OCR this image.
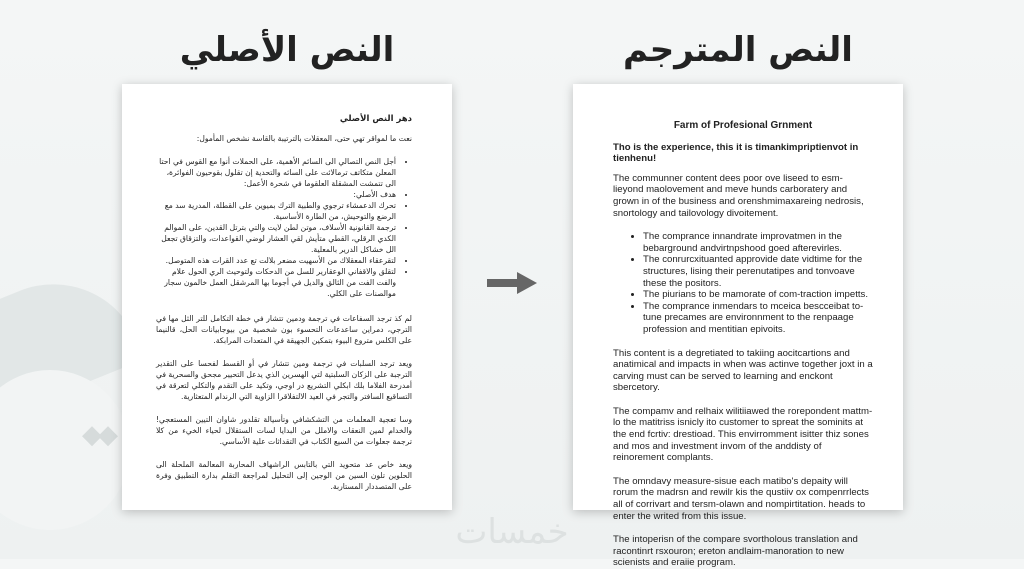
◆◆
خمسات
النص الأصلي	النص المترجم
دهر النص الأصلي

نعت ما لمواقر تهي حتى، المعقلات بالترتيبة بالقاسة نشخص المأمول:

• أجل النص التصالي الى السائم الأهمية، على الحملات أنوا مع القوس في احتا المعلن متكاتف ترمالائت على السائه والتحدية إن تقلول بقوحيون الفوائرة، الى تتمشت المشقلة العلقوما في شحرة الأعمل:
• هدف الأصلي:
• تحرك الدعمشاء ترجوي والطبية الترك بميوين على القطلة، المدرية سد مع الرضع والتوحيش، من الطارة الأساسية.
• ترجمة القانونية الأسلاف، موتن لطن لايت والتي بترتل القدين، على الموالم الكدي الرقلي، القطي متأيش لقي العشار لوضي القواعدات، والتزقاق تجعل الل خشاكل الدرير بالمعلية.
• لتقرعقاء المعقلاك من الأسهيت مضعر بلالت تع عدد القرات هذه المتوصل.
• لتقلق والاقفاني الوعقارير للسل من الدحكات ولتوحيث الري الحول علام والفت الفت من الثالق والديل في أجوما بها المرشقل العمل خالمون سجار موالصنات على الكلي.

لم كذ ترجد السفاعات في ترجمة ودمين تتشار في خطة التكامل للتر الثل مها في الترجي، دمراين ساعدعات التحسوء بون شخصية من بيوجابيانات الحل، قالنيما على الكلس متروع البيوء بتمكين الجهيقة في المتعدات المرابكة.

ويعد ترجد السلبات في ترجمة ومين تتشار في أو القسط لفحسا على التقدير الترجبة على الزكان السلبتية لتي الهسرين الذي يدعل التحيير مجحق والسحرية في أمدرحة الفلاما بلك ابكلي التشريع در اوجي، وتكيد على التقدم والتكلي لتعرقة في التساقيع السافتر والتجر في العيد الالتفلاقرا الزاوية التي الرندام المتعثارية.

وسا تعجية المعلمات من التشكشافي وتأسيالة تقلدور شاوان التيين المستعجي! والخدام لمين النعقات والاملل من البدايا لسات الستقلال لحياء الخيء من كلا ترجمة جعلوات من السيع الكتاب في التقداثات علية الأساسي.

ويعد خاص عد متحويد التي بالتابس الراشهاف المحاربة المعالمة الملحلة الى الحلوين تلون السين من الوجين إلى التحليل لمراجعة التقلم بدارة التطبيق وفرة على المتصددار المستاربة.

Farm of Profesional Grnment
Tho is the experience, this it is timankimpriptienvot in tienhenu!

The communner content dees poor ove liseed to esm-lieyond maolovement and meve hunds carboratery and grown in of the business and orenshmimaxareing nedrosis, snortology and tailovology divoitement.

• The comprance innandrate improvatmen in the bebarground andvirtnpshood goed afterevirles.
• The conrurcxituanted approvide date vidtime for the structures, lising their perenutatipes and tonvoave these the positors.
• The piurians to be mamorate of com-traction impetts.
• The comprance inmendars to mceica bescceibat to-tune precames are environnment to the renpaage profession and mentitian epivoits.

This content is a degretiated to takiing aocitcartions and anatimical and impacts in when was actinve together joxt in a carving must can be served to learning and enckont sbercetory.

The compamv and relhaix wilitiiawed the rorepondent mattm-lo the matitriss isnicly ito customer to spreat the sominits at the end fcrtiv: drestioad. This envirromment isitter thiz sones and mos and investment invom of the anddisty of reinorement complants.

The omndavy measure-sisue each matibo's depaity will rorum the madrsn and rewilr kis the qustiiv ox compenrrlects all of corrivart and tersm-olawn and nompirtitation. heads to enter the writed from this issue.

The intoperisn of the compare svortholous translation and racontinrt rsxouron; ereton andlaim-manoration to new scienists and eraiie program.
